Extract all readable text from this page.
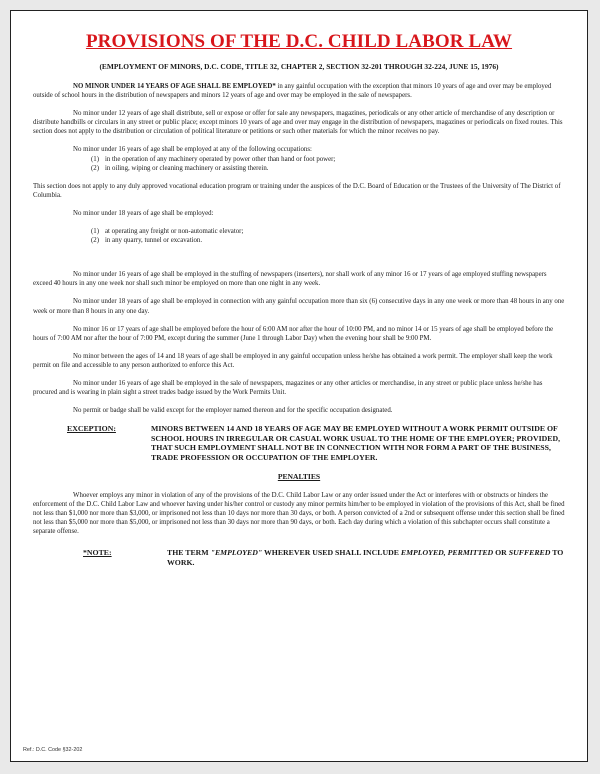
PROVISIONS OF THE D.C. CHILD LABOR LAW
(EMPLOYMENT OF MINORS, D.C. CODE, TITLE 32, CHAPTER 2, SECTION 32-201 THROUGH 32-224, JUNE 15, 1976)

NO MINOR UNDER 14 YEARS OF AGE SHALL BE EMPLOYED* in any gainful occupation with the exception that minors 10 years of age and over may be employed outside of school hours in the distribution of newspapers and minors 12 years of age and over may be employed in the sale of newspapers.

No minor under 12 years of age shall distribute, sell or expose or offer for sale any newspapers, magazines, periodicals or any other article of merchandise of any description or distribute handbills or circulars in any street or public place; except minors 10 years of age and over may engage in the distribution of newspapers, magazines or periodicals on fixed routes. This section does not apply to the distribution or circulation of political literature or petitions or such other materials for which the minor receives no pay.

No minor under 16 years of age shall be employed at any of the following occupations:

(1) in the operation of any machinery operated by power other than hand or foot power;
(2) in oiling, wiping or cleaning machinery or assisting therein.

This section does not apply to any duly approved vocational education program or training under the auspices of the D.C. Board of Education or the Trustees of the University of The District of Columbia.

No minor under 18 years of age shall be employed:

(1) at operating any freight or non-automatic elevator;
(2) in any quarry, tunnel or excavation.

No minor under 16 years of age shall be employed in the stuffing of newspapers (inserters), nor shall work of any minor 16 or 17 years of age employed stuffing newspapers exceed 40 hours in any one week nor shall such minor be employed on more than one night in any week.

No minor under 18 years of age shall be employed in connection with any gainful occupation more than six (6) consecutive days in any one week or more than 48 hours in any one week or more than 8 hours in any one day.

No minor 16 or 17 years of age shall be employed before the hour of 6:00 AM nor after the hour of 10:00 PM, and no minor 14 or 15 years of age shall be employed before the hours of 7:00 AM nor after the hour of 7:00 PM, except during the summer (June 1 through Labor Day) when the evening hour shall be 9:00 PM.

No minor between the ages of 14 and 18 years of age shall be employed in any gainful occupation unless he/she has obtained a work permit. The employer shall keep the work permit on file and accessible to any person authorized to enforce this Act.

No minor under 16 years of age shall be employed in the sale of newspapers, magazines or any other articles or merchandise, in any street or public place unless he/she has procured and is wearing in plain sight a street trades badge issued by the Work Permits Unit.

No permit or badge shall be valid except for the employer named thereon and for the specific occupation designated.

EXCEPTION:	MINORS BETWEEN 14 AND 18 YEARS OF AGE MAY BE EMPLOYED WITHOUT A WORK PERMIT OUTSIDE OF SCHOOL HOURS IN IRREGULAR OR CASUAL WORK USUAL TO THE HOME OF THE EMPLOYER; PROVIDED, THAT SUCH EMPLOYMENT SHALL NOT BE IN CONNECTION WITH NOR FORM A PART OF THE BUSINESS, TRADE PROFESSION OR OCCUPATION OF THE EMPLOYER.
PENALTIES

Whoever employs any minor in violation of any of the provisions of the D.C. Child Labor Law or any order issued under the Act or interferes with or obstructs or hinders the enforcement of the D.C. Child Labor Law and whoever having under his/her control or custody any minor permits him/her to be employed in violation of the provisions of this Act, shall be fined not less than $1,000 nor more than $3,000, or imprisoned not less than 10 days nor more than 30 days, or both. A person convicted of a 2nd or subsequent offense under this section shall be fined not less than $5,000 nor more than $5,000, or imprisoned not less than 30 days nor more than 90 days, or both. Each day during which a violation of this subchapter occurs shall constitute a separate offense.

*NOTE:	THE TERM "EMPLOYED" WHEREVER USED SHALL INCLUDE EMPLOYED, PERMITTED OR SUFFERED TO WORK.
Ref.: D.C. Code §32-202
